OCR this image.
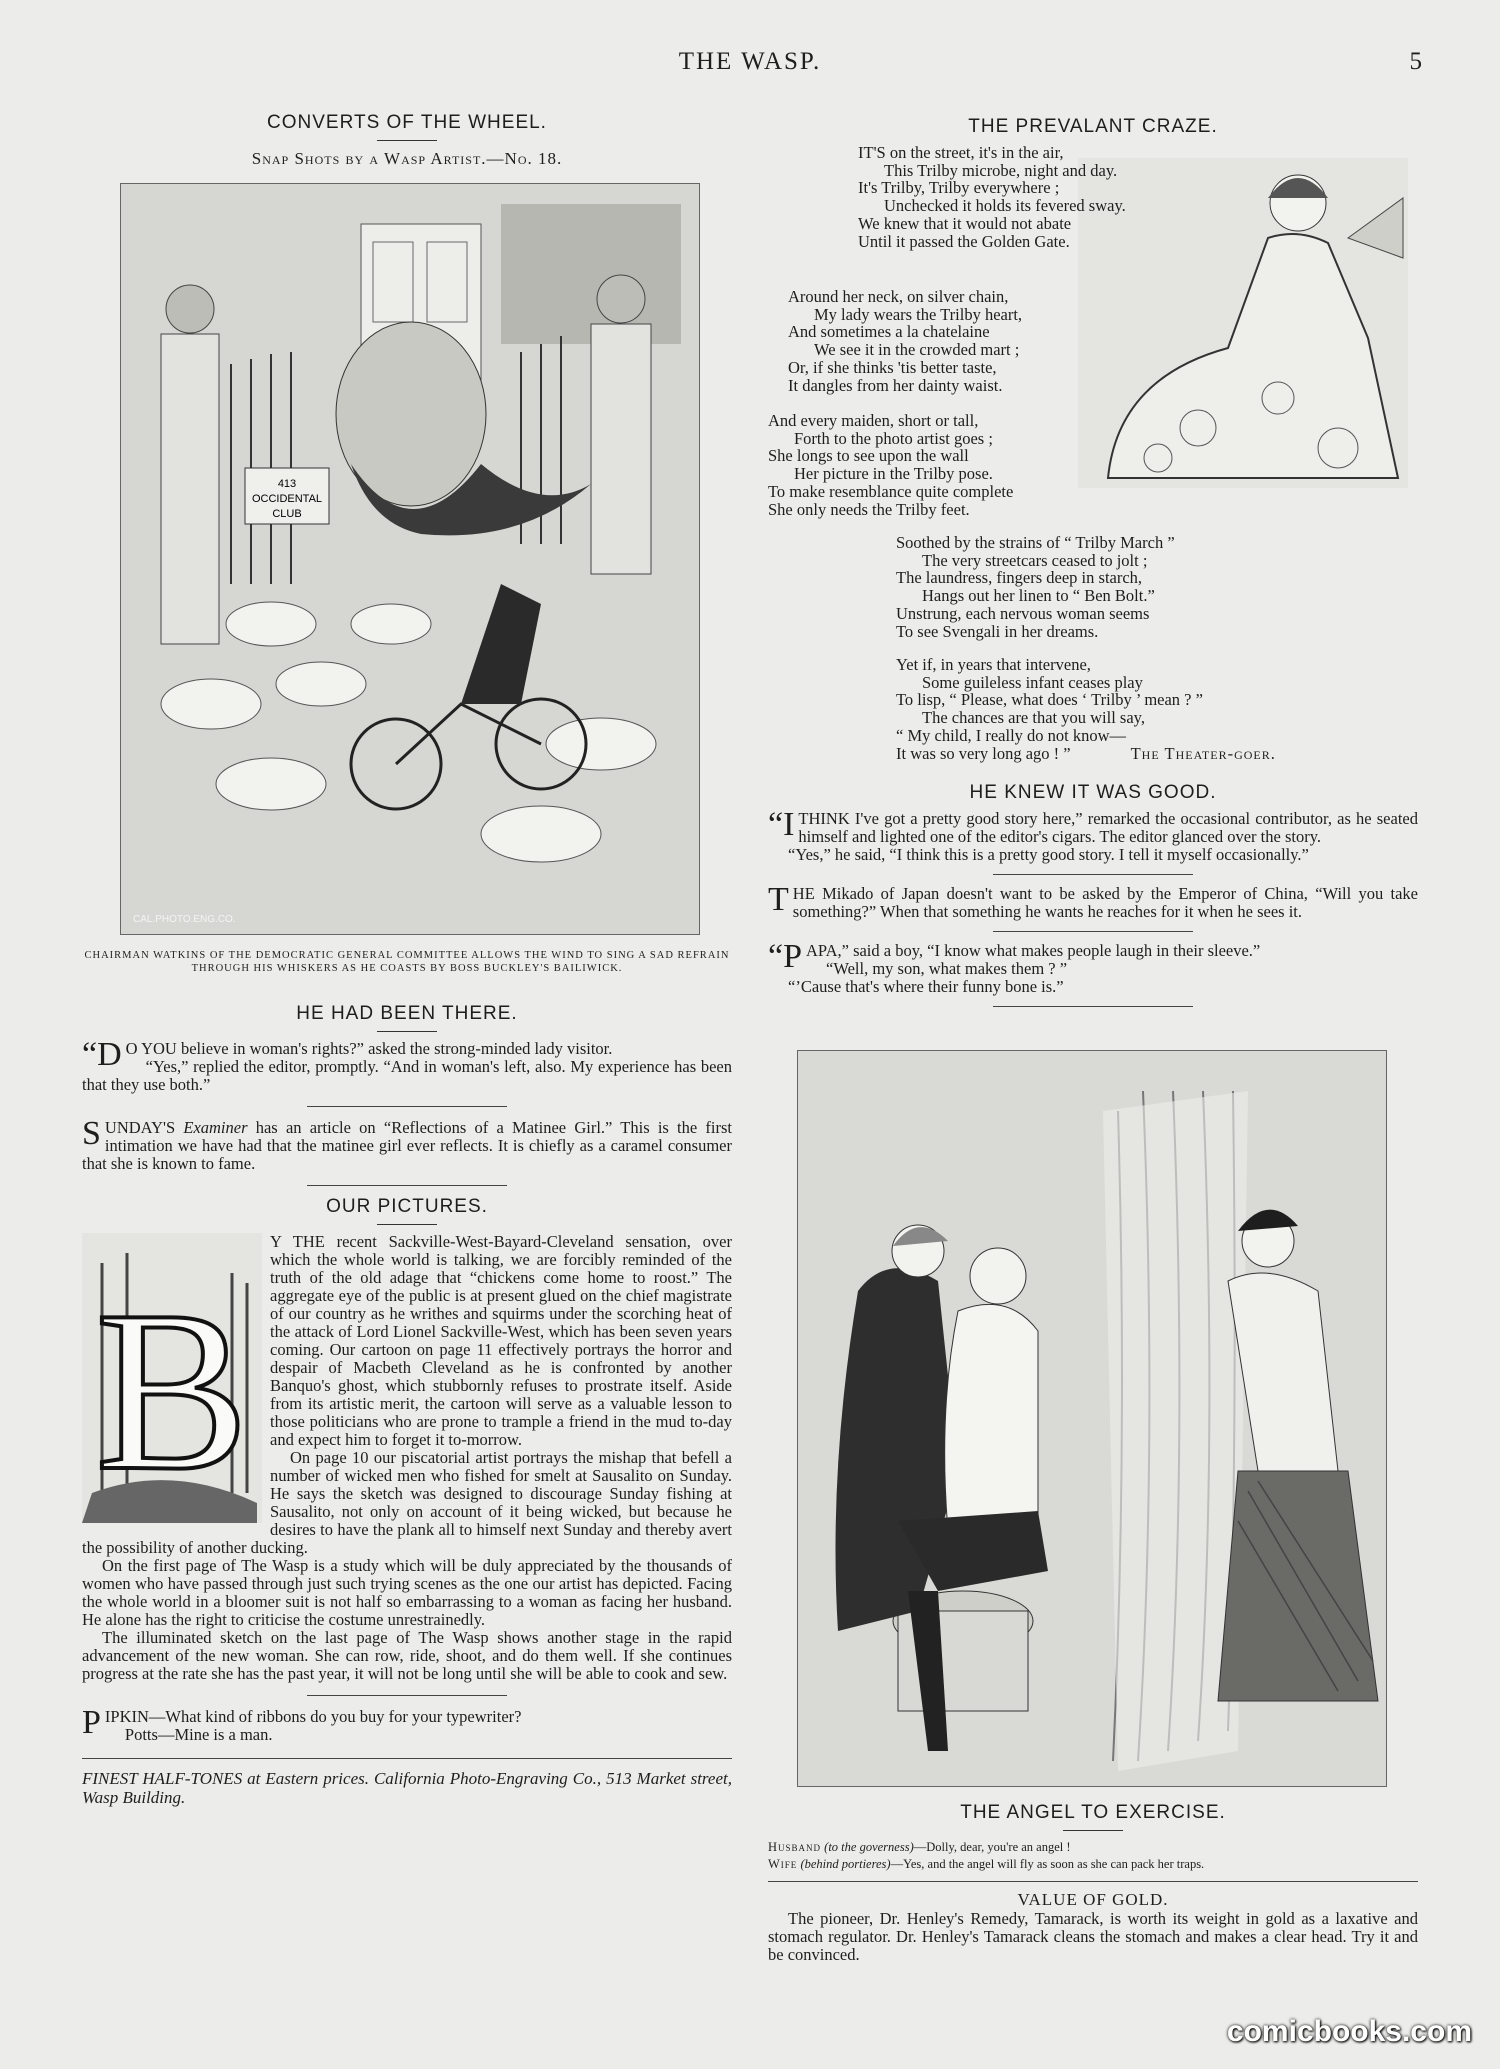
THE WASP.	5
CONVERTS OF THE WHEEL.
Snap Shots by a Wasp Artist.—No. 18.
413
OCCIDENTAL
CLUB
CAL.PHOTO.ENG.CO.
CHAIRMAN WATKINS OF THE DEMOCRATIC GENERAL COMMITTEE ALLOWS THE WIND TO SING A SAD REFRAIN THROUGH HIS WHISKERS AS HE COASTS BY BOSS BUCKLEY'S BAILIWICK.
HE HAD BEEN THERE.

“D O YOU believe in woman's rights?” asked the strong-minded lady visitor.

“Yes,” replied the editor, promptly. “And in woman's left, also. My experience has been that they use both.”

SUNDAY'S Examiner has an article on “Reflections of a Matinee Girl.” This is the first intimation we have had that the matinee girl ever reflects. It is chiefly as a caramel consumer that she is known to fame.

OUR PICTURES.
B

Y THE recent Sackville-West-Bayard-Cleveland sensation, over which the whole world is talking, we are forcibly reminded of the truth of the old adage that “chickens come home to roost.” The aggregate eye of the public is at present glued on the chief magistrate of our country as he writhes and squirms under the scorching heat of the attack of Lord Lionel Sackville-West, which has been seven years coming. Our cartoon on page 11 effectively portrays the horror and despair of Macbeth Cleveland as he is confronted by another Banquo's ghost, which stubbornly refuses to prostrate itself. Aside from its artistic merit, the cartoon will serve as a valuable lesson to those politicians who are prone to trample a friend in the mud to-day and expect him to forget it to-morrow.

On page 10 our piscatorial artist portrays the mishap that befell a number of wicked men who fished for smelt at Sausalito on Sunday. He says the sketch was designed to discourage Sunday fishing at Sausalito, not only on account of it being wicked, but because he desires to have the plank all to himself next Sunday and thereby avert the possibility of another ducking.

On the first page of The Wasp is a study which will be duly appreciated by the thousands of women who have passed through just such trying scenes as the one our artist has depicted. Facing the whole world in a bloomer suit is not half so embarrassing to a woman as facing her husband. He alone has the right to criticise the costume unrestrainedly.

The illuminated sketch on the last page of The Wasp shows another stage in the rapid advancement of the new woman. She can row, ride, shoot, and do them well. If she continues progress at the rate she has the past year, it will not be long until she will be able to cook and sew.

PIPKIN—What kind of ribbons do you buy for your typewriter?

Potts—Mine is a man.

FINEST HALF-TONES at Eastern prices. California Photo-Engraving Co., 513 Market street, Wasp Building.

THE PREVALANT CRAZE.
IT'S on the street, it's in the air,
This Trilby microbe, night and day.
It's Trilby, Trilby everywhere ;
Unchecked it holds its fevered sway.
We knew that it would not abate
Until it passed the Golden Gate.
Around her neck, on silver chain,
My lady wears the Trilby heart,
And sometimes a la chatelaine
We see it in the crowded mart ;
Or, if she thinks 'tis better taste,
It dangles from her dainty waist.
And every maiden, short or tall,
Forth to the photo artist goes ;
She longs to see upon the wall
Her picture in the Trilby pose.
To make resemblance quite complete
She only needs the Trilby feet.
Soothed by the strains of “ Trilby March ”
The very streetcars ceased to jolt ;
The laundress, fingers deep in starch,
Hangs out her linen to “ Ben Bolt.”
Unstrung, each nervous woman seems
To see Svengali in her dreams.
Yet if, in years that intervene,
Some guileless infant ceases play
To lisp, “ Please, what does ‘ Trilby ’ mean ? ”
The chances are that you will say,
“ My child, I really do not know—
It was so very long ago ! ”	The Theater-goer.
HE KNEW IT WAS GOOD.

“ITHINK I've got a pretty good story here,” remarked the occasional contributor, as he seated himself and lighted one of the editor's cigars. The editor glanced over the story.

“Yes,” he said, “I think this is a pretty good story. I tell it myself occasionally.”

THE Mikado of Japan doesn't want to be asked by the Emperor of China, “Will you take something?” When that something he wants he reaches for it when he sees it.

“PAPA,” said a boy, “I know what makes people laugh in their sleeve.”

“Well, my son, what makes them ? ”

“’Cause that's where their funny bone is.”

THE ANGEL TO EXERCISE.

Husband (to the governess)—Dolly, dear, you're an angel !

Wife (behind portieres)—Yes, and the angel will fly as soon as she can pack her traps.

VALUE OF GOLD.

The pioneer, Dr. Henley's Remedy, Tamarack, is worth its weight in gold as a laxative and stomach regulator. Dr. Henley's Tamarack cleans the stomach and makes a clear head. Try it and be convinced.

comicbooks.com
